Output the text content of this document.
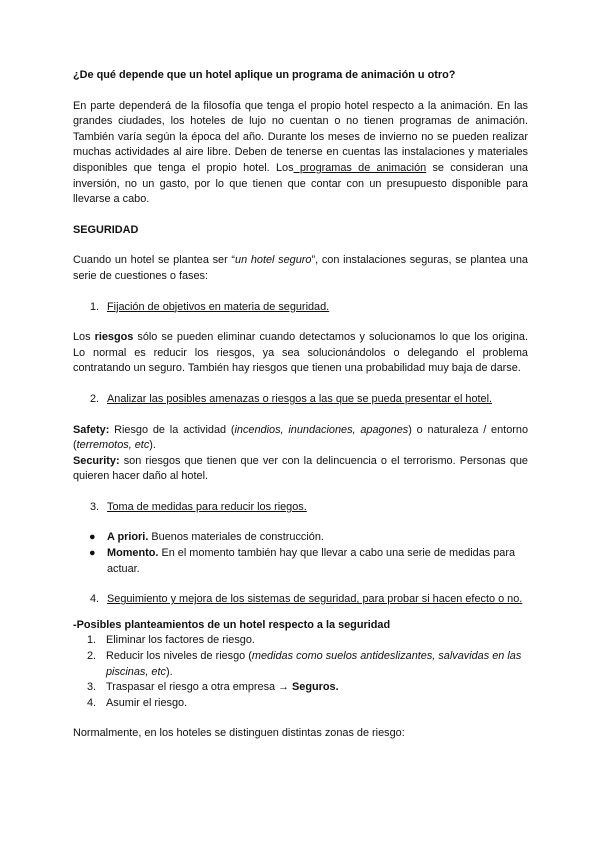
¿De qué depende que un hotel aplique un programa de animación u otro?

En parte dependerá de la filosofía que tenga el propio hotel respecto a la animación. En las grandes ciudades, los hoteles de lujo no cuentan o no tienen programas de animación. También varía según la época del año. Durante los meses de invierno no se pueden realizar muchas actividades al aire libre. Deben de tenerse en cuentas las instalaciones y materiales disponibles que tenga el propio hotel. Los programas de animación se consideran una inversión, no un gasto, por lo que tienen que contar con un presupuesto disponible para llevarse a cabo.

SEGURIDAD

Cuando un hotel se plantea ser “un hotel seguro”, con instalaciones seguras, se plantea una serie de cuestiones o fases:

1. Fijación de objetivos en materia de seguridad.

Los riesgos sólo se pueden eliminar cuando detectamos y solucionamos lo que los origina. Lo normal es reducir los riesgos, ya sea solucionándolos o delegando el problema contratando un seguro. También hay riesgos que tienen una probabilidad muy baja de darse.

2. Analizar las posibles amenazas o riesgos a las que se pueda presentar el hotel.

Safety: Riesgo de la actividad (incendios, inundaciones, apagones) o naturaleza / entorno (terremotos, etc).

Security: son riesgos que tienen que ver con la delincuencia o el terrorismo. Personas que quieren hacer daño al hotel.

3. Toma de medidas para reducir los riegos.
● A priori. Buenos materiales de construcción.
● Momento. En el momento también hay que llevar a cabo una serie de medidas para actuar.
4. Seguimiento y mejora de los sistemas de seguridad, para probar si hacen efecto o no.

-Posibles planteamientos de un hotel respecto a la seguridad

1. Eliminar los factores de riesgo.
2. Reducir los niveles de riesgo (medidas como suelos antideslizantes, salvavidas en las piscinas, etc).
3. Traspasar el riesgo a otra empresa → Seguros.
4. Asumir el riesgo.

Normalmente, en los hoteles se distinguen distintas zonas de riesgo:
